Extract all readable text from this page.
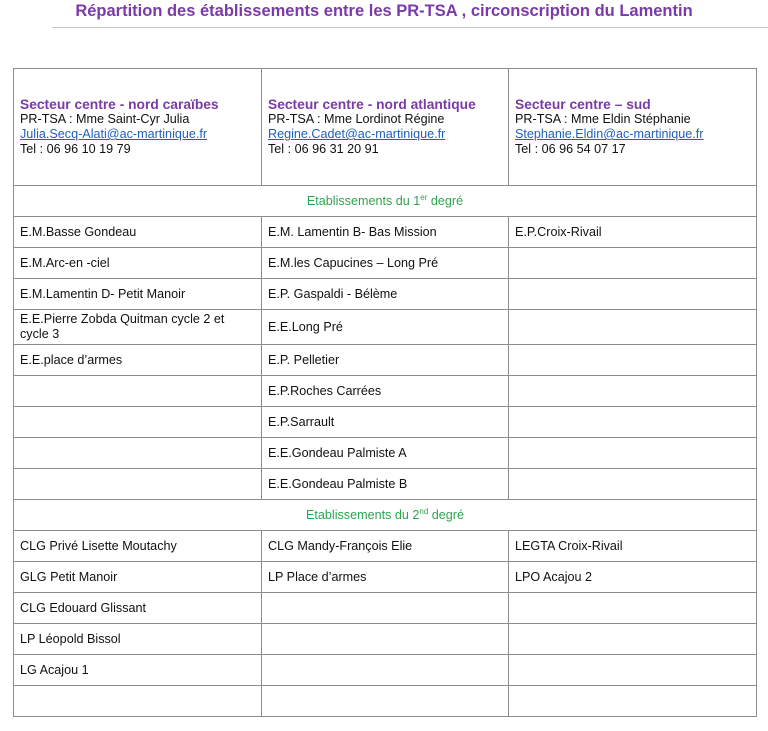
Répartition des établissements entre les PR-TSA , circonscription du Lamentin
Secteur centre - nord caraïbes
PR-TSA : Mme Saint-Cyr Julia
Julia.Secq-Alati@ac-martinique.fr
Tel : 06 96 10 19 79	Secteur centre - nord atlantique
PR-TSA : Mme Lordinot Régine
Regine.Cadet@ac-martinique.fr
Tel : 06 96 31 20 91	Secteur centre – sud
PR-TSA : Mme Eldin Stéphanie
Stephanie.Eldin@ac-martinique.fr
Tel : 06 96 54 07 17

Etablissements du 1er degré		
E.M.Basse Gondeau	E.M. Lamentin B- Bas Mission	E.P.Croix-Rivail
E.M.Arc-en -ciel	E.M.les Capucines – Long Pré	
E.M.Lamentin D- Petit Manoir	E.P. Gaspaldi - Bélème	
E.E.Pierre Zobda Quitman cycle 2 et cycle 3	E.E.Long Pré	
E.E.place d’armes	E.P. Pelletier	
	E.P.Roches Carrées	
	E.P.Sarrault	
	E.E.Gondeau Palmiste A	
	E.E.Gondeau Palmiste B	
Etablissements du 2nd degré		
CLG Privé Lisette Moutachy	CLG Mandy-François Elie	LEGTA Croix-Rivail
GLG Petit Manoir	LP Place d’armes	LPO Acajou 2
CLG Edouard Glissant		
LP Léopold Bissol		
LG Acajou 1		
